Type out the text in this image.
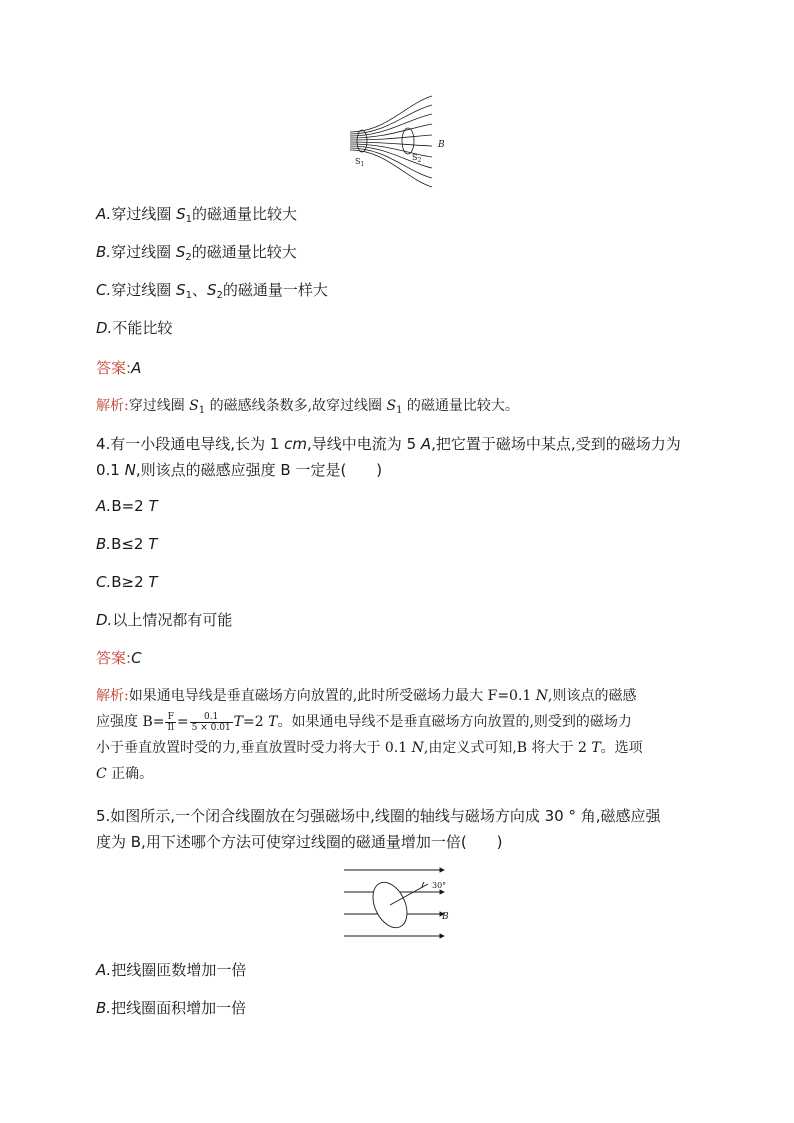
$S_1$
$S_2$
B
A.穿过线圈 $S_1$的磁通量比较大
B.穿过线圈 $S_2$的磁通量比较大
C.穿过线圈 $S_1$、$S_2$的磁通量一样大
D.不能比较
答案:A
解析:穿过线圈 $S_1$ 的磁感线条数多,故穿过线圈 $S_1$ 的磁通量比较大。
4.有一小段通电导线,长为 1 cm,导线中电流为 5 A,把它置于磁场中某点,受到的磁场力为
0.1 N,则该点的磁感应强度 B 一定是(　　)
A.B=2 T
B.B≤2 T
C.B≥2 T
D.以上情况都有可能
答案:C
解析:如果通电导线是垂直磁场方向放置的,此时所受磁场力最大 F=0.1 N,则该点的磁感
应强度 $B= \frac{F}{Il} = \frac{0.1}{5 \times 0.01} T=2$ T。如果通电导线不是垂直磁场方向放置的,则受到的磁场力
小于垂直放置时受的力,垂直放置时受力将大于 0.1 N,由定义式可知,B 将大于 2 T。选项
C 正确。
5.如图所示,一个闭合线圈放在匀强磁场中,线圈的轴线与磁场方向成 30 ° 角,磁感应强
度为 B,用下述哪个方法可使穿过线圈的磁通量增加一倍(　　)
30°
B
A.把线圈匝数增加一倍
B.把线圈面积增加一倍
